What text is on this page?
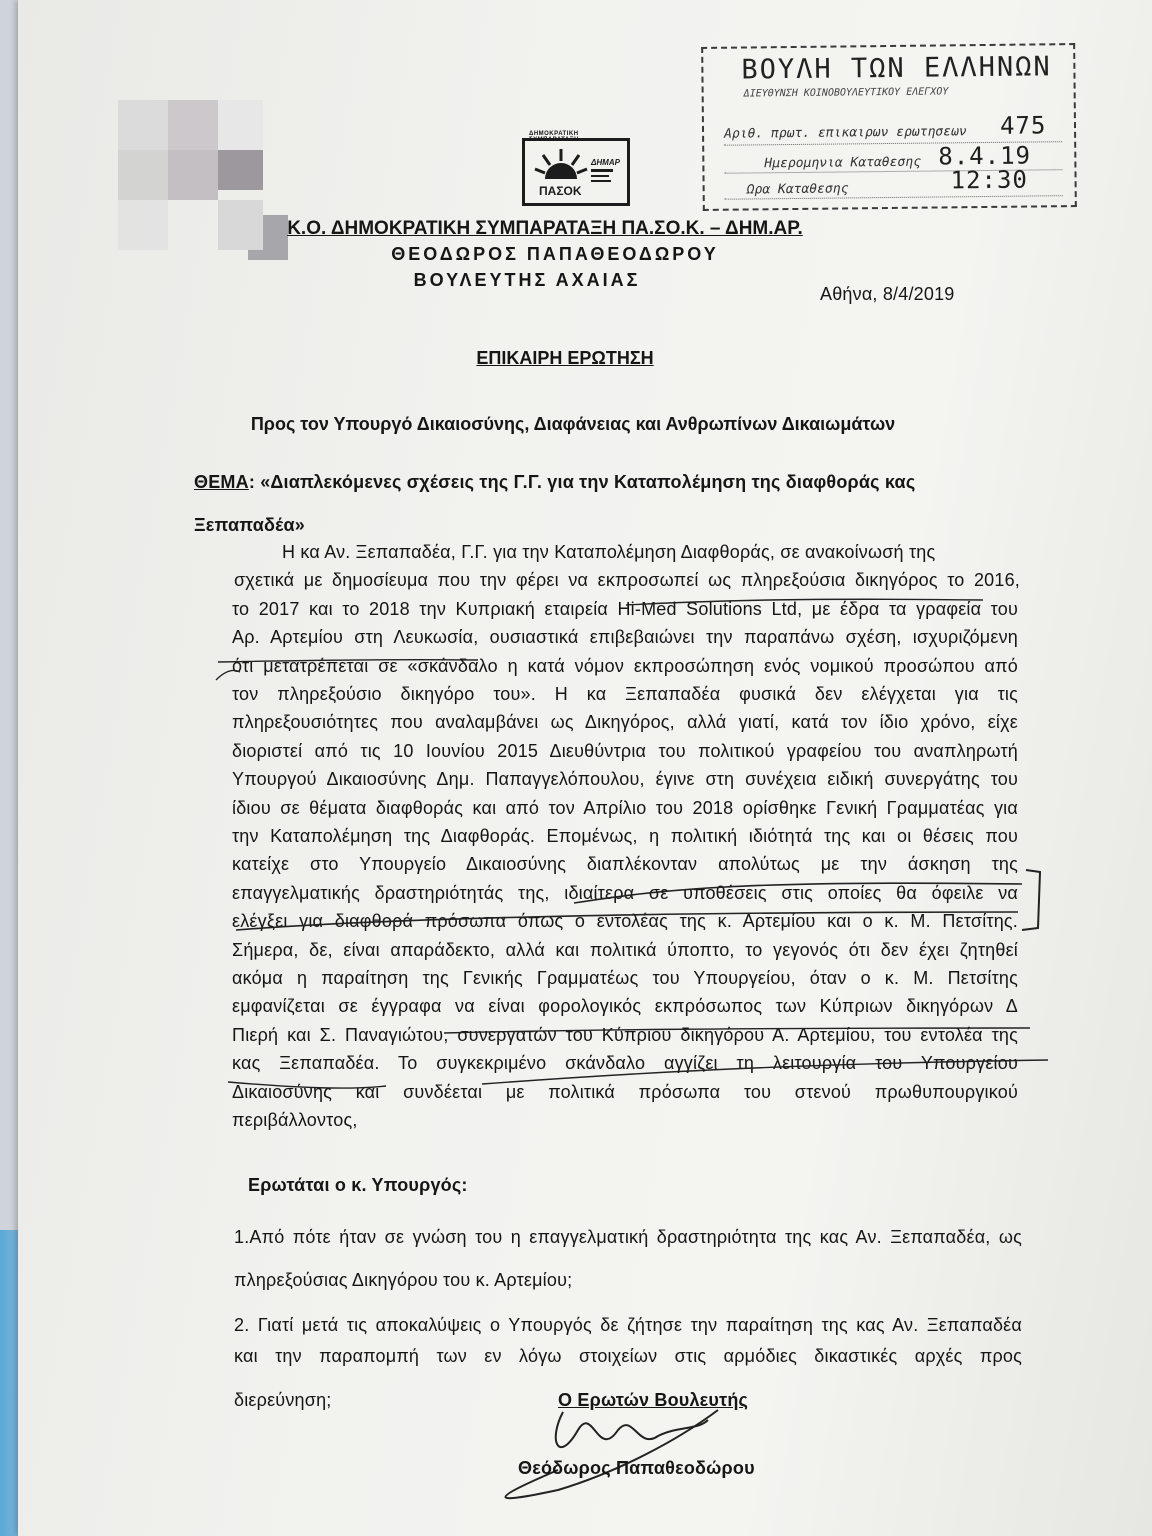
ΔΗΜΟΚΡΑΤΙΚΗ ΣΥΜΠΑΡΑΤΑΞΗ
ΠΑΣΟΚ
ΔΗΜΑΡ
ΒΟΥΛΗ ΤΩΝ ΕΛΛΗΝΩΝ
ΔΙΕΥΘΥΝΣΗ ΚΟΙΝΟΒΟΥΛΕΥΤΙΚΟΥ ΕΛΕΓΧΟΥ
Αριθ. πρωτ. επικαιρων ερωτησεων 475
Ημερομηνια Καταθεσης 8.4.19
Ωρα Καταθεσης	12:30
Κ.Ο. ΔΗΜΟΚΡΑΤΙΚΗ ΣΥΜΠΑΡΑΤΑΞΗ ΠΑ.ΣΟ.Κ. – ΔΗΜ.ΑΡ.
ΘΕΟΔΩΡΟΣ ΠΑΠΑΘΕΟΔΩΡΟΥ
ΒΟΥΛΕΥΤΗΣ ΑΧΑΙΑΣ
Αθήνα, 8/4/2019
ΕΠΙΚΑΙΡΗ ΕΡΩΤΗΣΗ
Προς τον Υπουργό Δικαιοσύνης, Διαφάνειας και Ανθρωπίνων Δικαιωμάτων
ΘΕΜΑ: «Διαπλεκόμενες σχέσεις της Γ.Γ. για την Καταπολέμηση της διαφθοράς κας
Ξεπαπαδέα»
Η κα Αν. Ξεπαπαδέα, Γ.Γ. για την Καταπολέμηση Διαφθοράς, σε ανακοίνωσή της
σχετικά με δημοσίευμα που την φέρει να εκπροσωπεί ως πληρεξούσια δικηγόρος το 2016,
το 2017 και το 2018 την Κυπριακή εταιρεία Hi-Med Solutions Ltd, με έδρα τα γραφεία του
Αρ. Αρτεμίου στη Λευκωσία, ουσιαστικά επιβεβαιώνει την παραπάνω σχέση, ισχυριζόμενη
ότι μετατρέπεται σε «σκάνδαλο η κατά νόμον εκπροσώπηση ενός νομικού προσώπου από
τον πληρεξούσιο δικηγόρο του». Η κα Ξεπαπαδέα φυσικά δεν ελέγχεται για τις
πληρεξουσιότητες που αναλαμβάνει ως Δικηγόρος, αλλά γιατί, κατά τον ίδιο χρόνο, είχε
διοριστεί από τις 10 Ιουνίου 2015 Διευθύντρια του πολιτικού γραφείου του αναπληρωτή
Υπουργού Δικαιοσύνης Δημ. Παπαγγελόπουλου, έγινε στη συνέχεια ειδική συνεργάτης του
ίδιου σε θέματα διαφθοράς και από τον Απρίλιο του 2018 ορίσθηκε Γενική Γραμματέας για
την Καταπολέμηση της Διαφθοράς. Επομένως, η πολιτική ιδιότητά της και οι θέσεις που
κατείχε στο Υπουργείο Δικαιοσύνης διαπλέκονταν απολύτως με την άσκηση της
επαγγελματικής δραστηριότητάς της, ιδιαίτερα σε υποθέσεις στις οποίες θα όφειλε να
ελέγξει για διαφθορά πρόσωπα όπως ο εντολέας της κ. Αρτεμίου και ο κ. Μ. Πετσίτης.
Σήμερα, δε, είναι απαράδεκτο, αλλά και πολιτικά ύποπτο, το γεγονός ότι δεν έχει ζητηθεί
ακόμα η παραίτηση της Γενικής Γραμματέως του Υπουργείου, όταν ο κ. Μ. Πετσίτης
εμφανίζεται σε έγγραφα να είναι φορολογικός εκπρόσωπος των Κύπριων δικηγόρων Δ
Πιερή και Σ. Παναγιώτου, συνεργατών του Κύπριου δικηγόρου Α. Αρτεμίου, του εντολέα της
κας Ξεπαπαδέα. Το συγκεκριμένο σκάνδαλο αγγίζει τη λειτουργία του Υπουργείου
Δικαιοσύνης και συνδέεται με πολιτικά πρόσωπα του στενού πρωθυπουργικού
περιβάλλοντος,
Ερωτάται ο κ. Υπουργός:
1.Από πότε ήταν σε γνώση του η επαγγελματική δραστηριότητα της κας Αν. Ξεπαπαδέα, ως
πληρεξούσιας Δικηγόρου του κ. Αρτεμίου;
2. Γιατί μετά τις αποκαλύψεις ο Υπουργός δε ζήτησε την παραίτηση της κας Αν. Ξεπαπαδέα
και την παραπομπή των εν λόγω στοιχείων στις αρμόδιες δικαστικές αρχές προς
διερεύνηση;	Ο Ερωτών Βουλευτής
Θεόδωρος Παπαθεοδώρου
